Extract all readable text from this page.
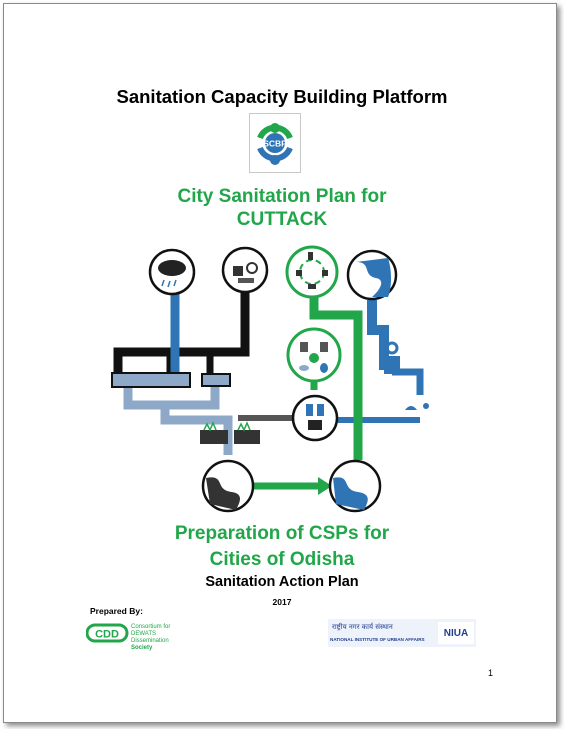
Sanitation Capacity Building Platform
SCBP
City Sanitation Plan for
CUTTACK
Preparation of CSPs for
Cities of Odisha
Sanitation Action Plan
2017
Prepared By:
CDD
Consortium for
DEWATS
Dissemination
Society
राष्ट्रीय नगर कार्य संस्थान
NATIONAL INSTITUTE OF URBAN AFFAIRS
NIUA
1
